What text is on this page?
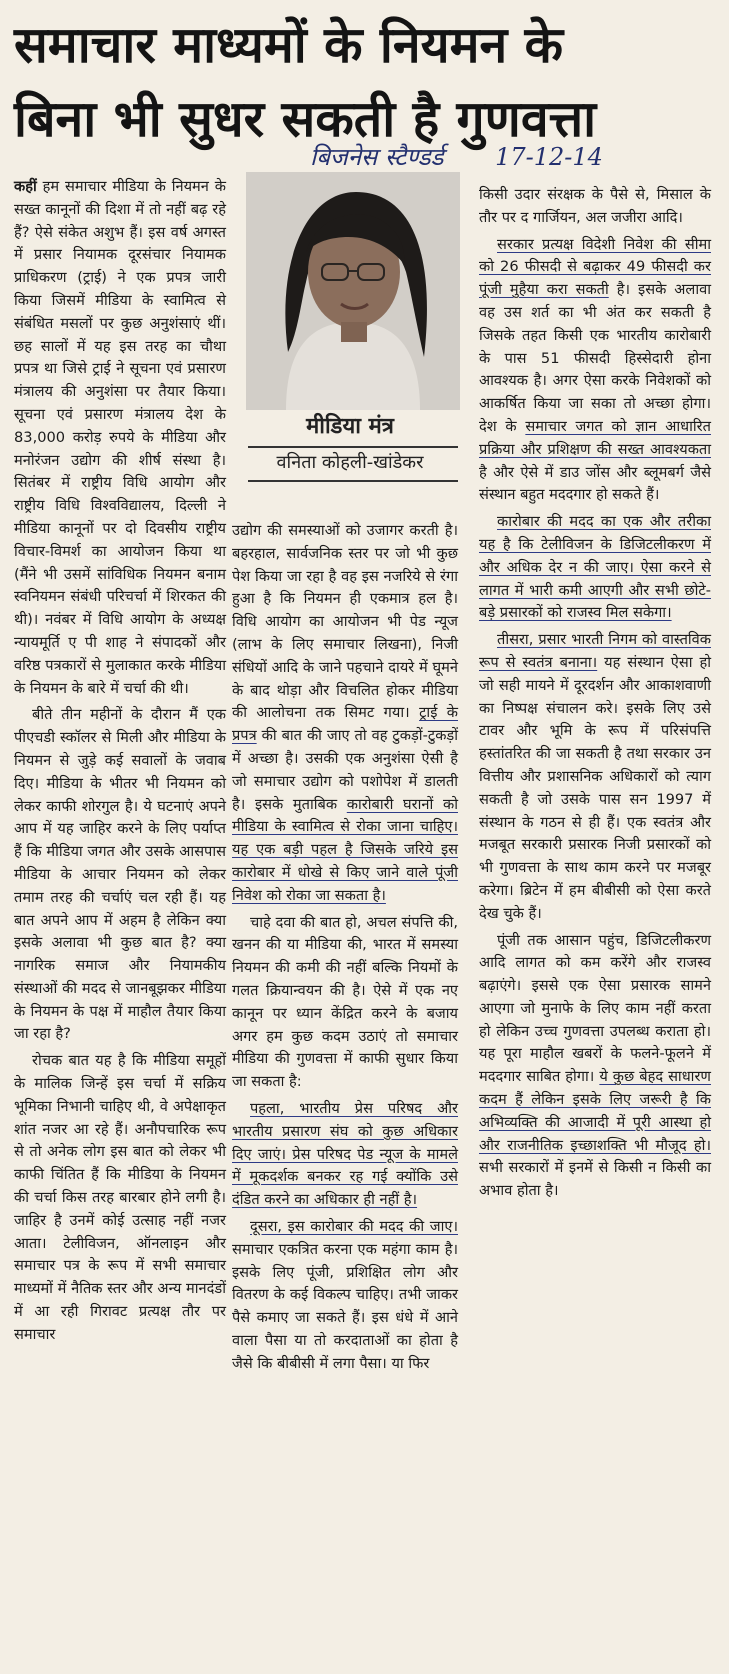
समाचार माध्यमों के नियमन के
बिना भी सुधर सकती है गुणवत्ता
बिजनेस स्टैण्डर्ड 17-12-14
मीडिया मंत्र
वनिता कोहली-खांडेकर

कहीं हम समाचार मीडिया के नियमन के सख्त कानूनों की दिशा में तो नहीं बढ़ रहे हैं? ऐसे संकेत अशुभ हैं। इस वर्ष अगस्त में प्रसार नियामक दूरसंचार नियामक प्राधिकरण (ट्राई) ने एक प्रपत्र जारी किया जिसमें मीडिया के स्वामित्व से संबंधित मसलों पर कुछ अनुशंसाएं थीं। छह सालों में यह इस तरह का चौथा प्रपत्र था जिसे ट्राई ने सूचना एवं प्रसारण मंत्रालय की अनुशंसा पर तैयार किया। सूचना एवं प्रसारण मंत्रालय देश के 83,000 करोड़ रुपये के मीडिया और मनोरंजन उद्योग की शीर्ष संस्था है। सितंबर में राष्ट्रीय विधि आयोग और राष्ट्रीय विधि विश्वविद्यालय, दिल्ली ने मीडिया कानूनों पर दो दिवसीय राष्ट्रीय विचार-विमर्श का आयोजन किया था (मैंने भी उसमें सांविधिक नियमन बनाम स्वनियमन संबंधी परिचर्चा में शिरकत की थी)। नवंबर में विधि आयोग के अध्यक्ष न्यायमूर्ति ए पी शाह ने संपादकों और वरिष्ठ पत्रकारों से मुलाकात करके मीडिया के नियमन के बारे में चर्चा की थी।

बीते तीन महीनों के दौरान मैं एक पीएचडी स्कॉलर से मिली और मीडिया के नियमन से जुड़े कई सवालों के जवाब दिए। मीडिया के भीतर भी नियमन को लेकर काफी शोरगुल है। ये घटनाएं अपने आप में यह जाहिर करने के लिए पर्याप्त हैं कि मीडिया जगत और उसके आसपास मीडिया के आचार नियमन को लेकर तमाम तरह की चर्चाएं चल रही हैं। यह बात अपने आप में अहम है लेकिन क्या इसके अलावा भी कुछ बात है? क्या नागरिक समाज और नियामकीय संस्थाओं की मदद से जानबूझकर मीडिया के नियमन के पक्ष में माहौल तैयार किया जा रहा है?

रोचक बात यह है कि मीडिया समूहों के मालिक जिन्हें इस चर्चा में सक्रिय भूमिका निभानी चाहिए थी, वे अपेक्षाकृत शांत नजर आ रहे हैं। अनौपचारिक रूप से तो अनेक लोग इस बात को लेकर भी काफी चिंतित हैं कि मीडिया के नियमन की चर्चा किस तरह बारबार होने लगी है। जाहिर है उनमें कोई उत्साह नहीं नजर आता। टेलीविजन, ऑनलाइन और समाचार पत्र के रूप में सभी समाचार माध्यमों में नैतिक स्तर और अन्य मानदंडों में आ रही गिरावट प्रत्यक्ष तौर पर समाचार

उद्योग की समस्याओं को उजागर करती है। बहरहाल, सार्वजनिक स्तर पर जो भी कुछ पेश किया जा रहा है वह इस नजरिये से रंगा हुआ है कि नियमन ही एकमात्र हल है। विधि आयोग का आयोजन भी पेड न्यूज (लाभ के लिए समाचार लिखना), निजी संधियों आदि के जाने पहचाने दायरे में घूमने के बाद थोड़ा और विचलित होकर मीडिया की आलोचना तक सिमट गया। ट्राई के प्रपत्र की बात की जाए तो वह टुकड़ों-टुकड़ों में अच्छा है। उसकी एक अनुशंसा ऐसी है जो समाचार उद्योग को पशोपेश में डालती है। इसके मुताबिक कारोबारी घरानों को मीडिया के स्वामित्व से रोका जाना चाहिए। यह एक बड़ी पहल है जिसके जरिये इस कारोबार में धोखे से किए जाने वाले पूंजी निवेश को रोका जा सकता है।

चाहे दवा की बात हो, अचल संपत्ति की, खनन की या मीडिया की, भारत में समस्या नियमन की कमी की नहीं बल्कि नियमों के गलत क्रियान्वयन की है। ऐसे में एक नए कानून पर ध्यान केंद्रित करने के बजाय अगर हम कुछ कदम उठाएं तो समाचार मीडिया की गुणवत्ता में काफी सुधार किया जा सकता है:

पहला, भारतीय प्रेस परिषद और भारतीय प्रसारण संघ को कुछ अधिकार दिए जाएं। प्रेस परिषद पेड न्यूज के मामले में मूकदर्शक बनकर रह गई क्योंकि उसे दंडित करने का अधिकार ही नहीं है।

दूसरा, इस कारोबार की मदद की जाए। समाचार एकत्रित करना एक महंगा काम है। इसके लिए पूंजी, प्रशिक्षित लोग और वितरण के कई विकल्प चाहिए। तभी जाकर पैसे कमाए जा सकते हैं। इस धंधे में आने वाला पैसा या तो करदाताओं का होता है जैसे कि बीबीसी में लगा पैसा। या फिर

किसी उदार संरक्षक के पैसे से, मिसाल के तौर पर द गार्जियन, अल जजीरा आदि।

सरकार प्रत्यक्ष विदेशी निवेश की सीमा को 26 फीसदी से बढ़ाकर 49 फीसदी कर पूंजी मुहैया करा सकती है। इसके अलावा वह उस शर्त का भी अंत कर सकती है जिसके तहत किसी एक भारतीय कारोबारी के पास 51 फीसदी हिस्सेदारी होना आवश्यक है। अगर ऐसा करके निवेशकों को आकर्षित किया जा सका तो अच्छा होगा। देश के समाचार जगत को ज्ञान आधारित प्रक्रिया और प्रशिक्षण की सख्त आवश्यकता है और ऐसे में डाउ जोंस और ब्लूमबर्ग जैसे संस्थान बहुत मददगार हो सकते हैं।

कारोबार की मदद का एक और तरीका यह है कि टेलीविजन के डिजिटलीकरण में और अधिक देर न की जाए। ऐसा करने से लागत में भारी कमी आएगी और सभी छोटे-बड़े प्रसारकों को राजस्व मिल सकेगा।

तीसरा, प्रसार भारती निगम को वास्तविक रूप से स्वतंत्र बनाना। यह संस्थान ऐसा हो जो सही मायने में दूरदर्शन और आकाशवाणी का निष्पक्ष संचालन करे। इसके लिए उसे टावर और भूमि के रूप में परिसंपत्ति हस्तांतरित की जा सकती है तथा सरकार उन वित्तीय और प्रशासनिक अधिकारों को त्याग सकती है जो उसके पास सन 1997 में संस्थान के गठन से ही हैं। एक स्वतंत्र और मजबूत सरकारी प्रसारक निजी प्रसारकों को भी गुणवत्ता के साथ काम करने पर मजबूर करेगा। ब्रिटेन में हम बीबीसी को ऐसा करते देख चुके हैं।

पूंजी तक आसान पहुंच, डिजिटलीकरण आदि लागत को कम करेंगे और राजस्व बढ़ाएंगे। इससे एक ऐसा प्रसारक सामने आएगा जो मुनाफे के लिए काम नहीं करता हो लेकिन उच्च गुणवत्ता उपलब्ध कराता हो। यह पूरा माहौल खबरों के फलने-फूलने में मददगार साबित होगा। ये कुछ बेहद साधारण कदम हैं लेकिन इसके लिए जरूरी है कि अभिव्यक्ति की आजादी में पूरी आस्था हो और राजनीतिक इच्छाशक्ति भी मौजूद हो। सभी सरकारों में इनमें से किसी न किसी का अभाव होता है।
